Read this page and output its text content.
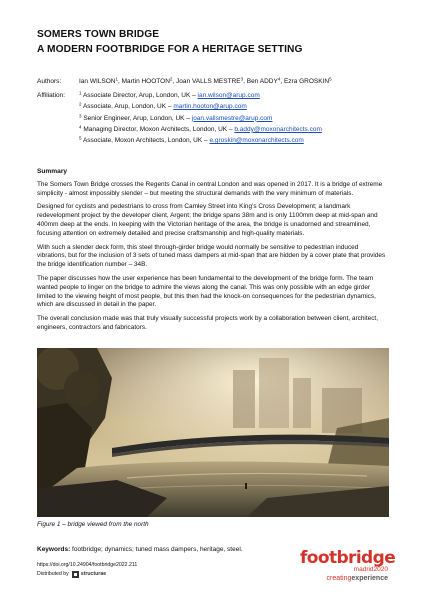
SOMERS TOWN BRIDGE
A MODERN FOOTBRIDGE FOR A HERITAGE SETTING
Authors:	Ian WILSON$^1$, Martin HOOTON$^2$, Joan VALLS MESTRE$^3$, Ben ADDY$^4$, Ezra GROSKIN$^5$
Affiliation:	$^1$ Associate Director, Arup, London, UK – ian.wilson@arup.com
$^2$ Associate, Arup, London, UK – martin.hooton@arup.com
$^3$ Senior Engineer, Arup, London, UK – joan.vallsmestre@arup.com
$^4$ Managing Director, Moxon Architects, London, UK – b.addy@moxonarchitects.com
$^5$ Associate, Moxon Architects, London, UK – e.groskin@moxonarchitects.com
Summary

The Somers Town Bridge crosses the Regents Canal in central London and was opened in 2017. It is a bridge of extreme simplicity - almost impossibly slender – but meeting the structural demands with the very minimum of materials.

Designed for cyclists and pedestrians to cross from Camley Street into King’s Cross Development; a landmark redevelopment project by the developer client, Argent; the bridge spans 38m and is only 1100mm deep at mid-span and 400mm deep at the ends. In keeping with the Victorian heritage of the area, the bridge is unadorned and streamlined, focusing attention on extremely detailed and precise craftsmanship and high-quality materials.

With such a slender deck form, this steel through-girder bridge would normally be sensitive to pedestrian induced vibrations, but for the inclusion of 3 sets of tuned mass dampers at mid-span that are hidden by a cover plate that provides the bridge identification number – 34B.

The paper discusses how the user experience has been fundamental to the development of the bridge form. The team wanted people to linger on the bridge to admire the views along the canal. This was only possible with an edge girder limited to the viewing height of most people, but this then had the knock-on consequences for the pedestrian dynamics, which are discussed in detail in the paper.

The overall conclusion made was that truly visually successful projects work by a collaboration between client, architect, engineers, contractors and fabricators.

Figure 1 – bridge viewed from the north
Keywords: footbridge; dynamics; tuned mass dampers, heritage, steel.
https://doi.org/10.24904/footbridge2022.211
Distributed by structurae
footbridge
madrid2020
creatingexperience
